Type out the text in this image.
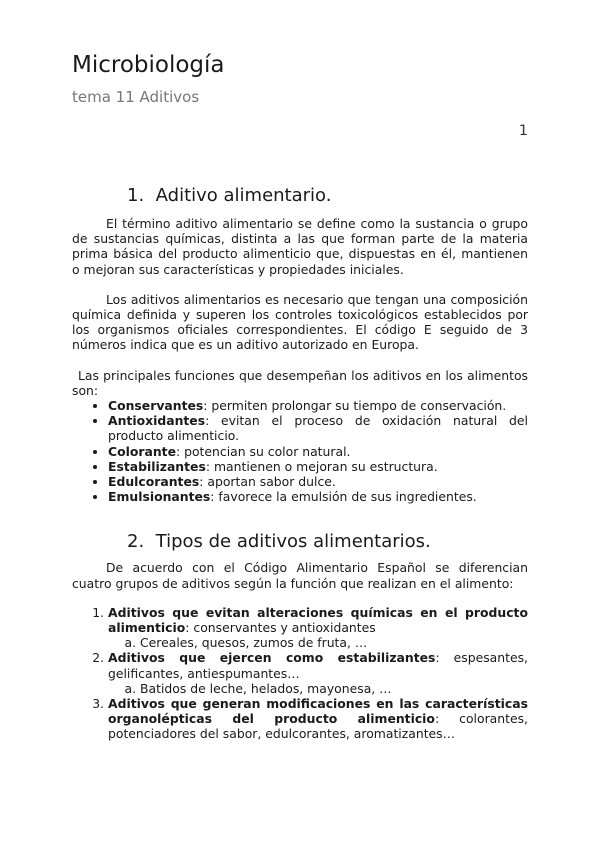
Microbiología
tema 11 Aditivos
1
1. Aditivo alimentario.

El término aditivo alimentario se define como la sustancia o grupo de sustancias químicas, distinta a las que forman parte de la materia prima básica del producto alimenticio que, dispuestas en él, mantienen o mejoran sus características y propiedades iniciales.

Los aditivos alimentarios es necesario que tengan una composición química definida y superen los controles toxicológicos establecidos por los organismos oficiales correspondientes. El código E seguido de 3 números indica que es un aditivo autorizado en Europa.

Las principales funciones que desempeñan los aditivos en los alimentos son:

• Conservantes: permiten prolongar su tiempo de conservación.
• Antioxidantes: evitan el proceso de oxidación natural del producto alimenticio.
• Colorante: potencian su color natural.
• Estabilizantes: mantienen o mejoran su estructura.
• Edulcorantes: aportan sabor dulce.
• Emulsionantes: favorece la emulsión de sus ingredientes.
2. Tipos de aditivos alimentarios.

De acuerdo con el Código Alimentario Español se diferencian cuatro grupos de aditivos según la función que realizan en el alimento:

1. Aditivos que evitan alteraciones químicas en el producto alimenticio: conservantes y antioxidantes
a. Cereales, quesos, zumos de fruta, …
2. Aditivos que ejercen como estabilizantes: espesantes, gelificantes, antiespumantes…
a. Batidos de leche, helados, mayonesa, …
3. Aditivos que generan modificaciones en las características organolépticas del producto alimenticio: colorantes, potenciadores del sabor, edulcorantes, aromatizantes…
